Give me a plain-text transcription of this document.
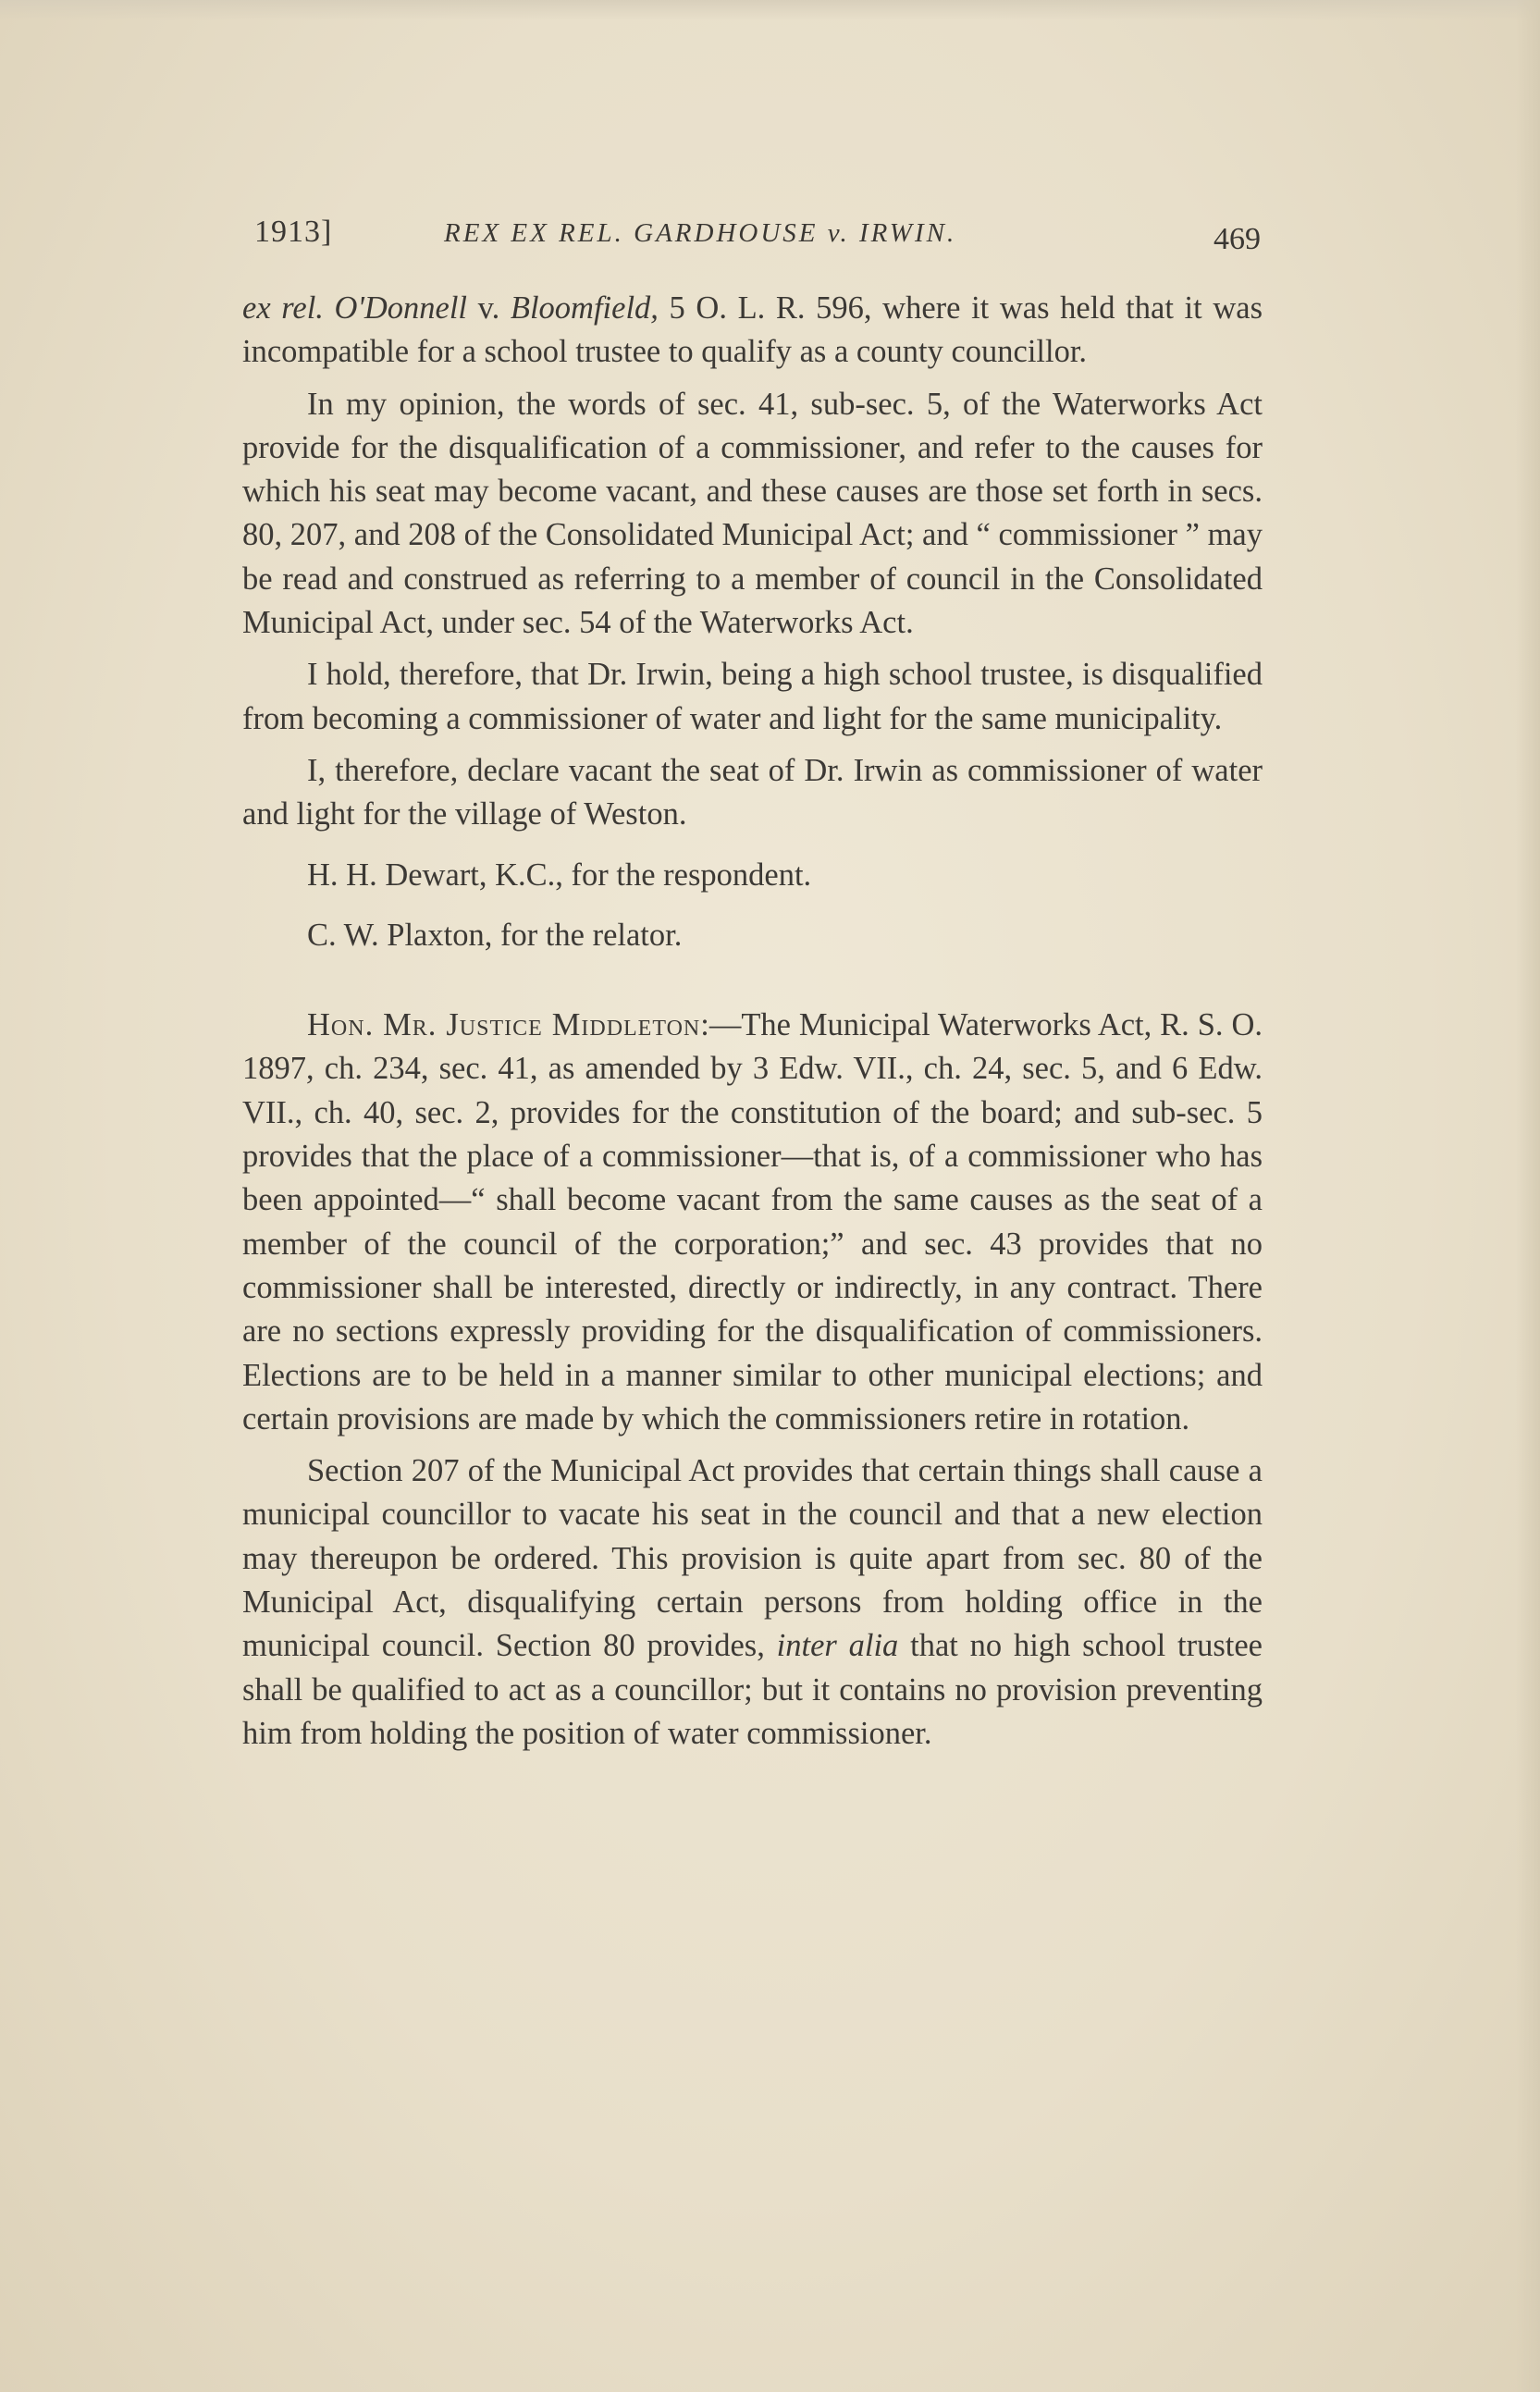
1913]	REX EX REL. GARDHOUSE v. IRWIN.	469

ex rel. O'Donnell v. Bloomfield, 5 O. L. R. 596, where it was held that it was incompatible for a school trustee to qualify as a county councillor.

In my opinion, the words of sec. 41, sub-sec. 5, of the Waterworks Act provide for the disqualification of a commissioner, and refer to the causes for which his seat may become vacant, and these causes are those set forth in secs. 80, 207, and 208 of the Consolidated Municipal Act; and “ commissioner ” may be read and construed as referring to a member of council in the Consolidated Municipal Act, under sec. 54 of the Waterworks Act.

I hold, therefore, that Dr. Irwin, being a high school trustee, is disqualified from becoming a commissioner of water and light for the same municipality.

I, therefore, declare vacant the seat of Dr. Irwin as commissioner of water and light for the village of Weston.

H. H. Dewart, K.C., for the respondent.

C. W. Plaxton, for the relator.

Hon. Mr. Justice Middleton:—The Municipal Waterworks Act, R. S. O. 1897, ch. 234, sec. 41, as amended by 3 Edw. VII., ch. 24, sec. 5, and 6 Edw. VII., ch. 40, sec. 2, provides for the constitution of the board; and sub-sec. 5 provides that the place of a commissioner—that is, of a commissioner who has been appointed—“ shall become vacant from the same causes as the seat of a member of the council of the corporation;” and sec. 43 provides that no commissioner shall be interested, directly or indirectly, in any contract. There are no sections expressly providing for the disqualification of commissioners. Elections are to be held in a manner similar to other municipal elections; and certain provisions are made by which the commissioners retire in rotation.

Section 207 of the Municipal Act provides that certain things shall cause a municipal councillor to vacate his seat in the council and that a new election may thereupon be ordered. This provision is quite apart from sec. 80 of the Municipal Act, disqualifying certain persons from holding office in the municipal council. Section 80 provides, inter alia that no high school trustee shall be qualified to act as a councillor; but it contains no provision preventing him from holding the position of water commissioner.
